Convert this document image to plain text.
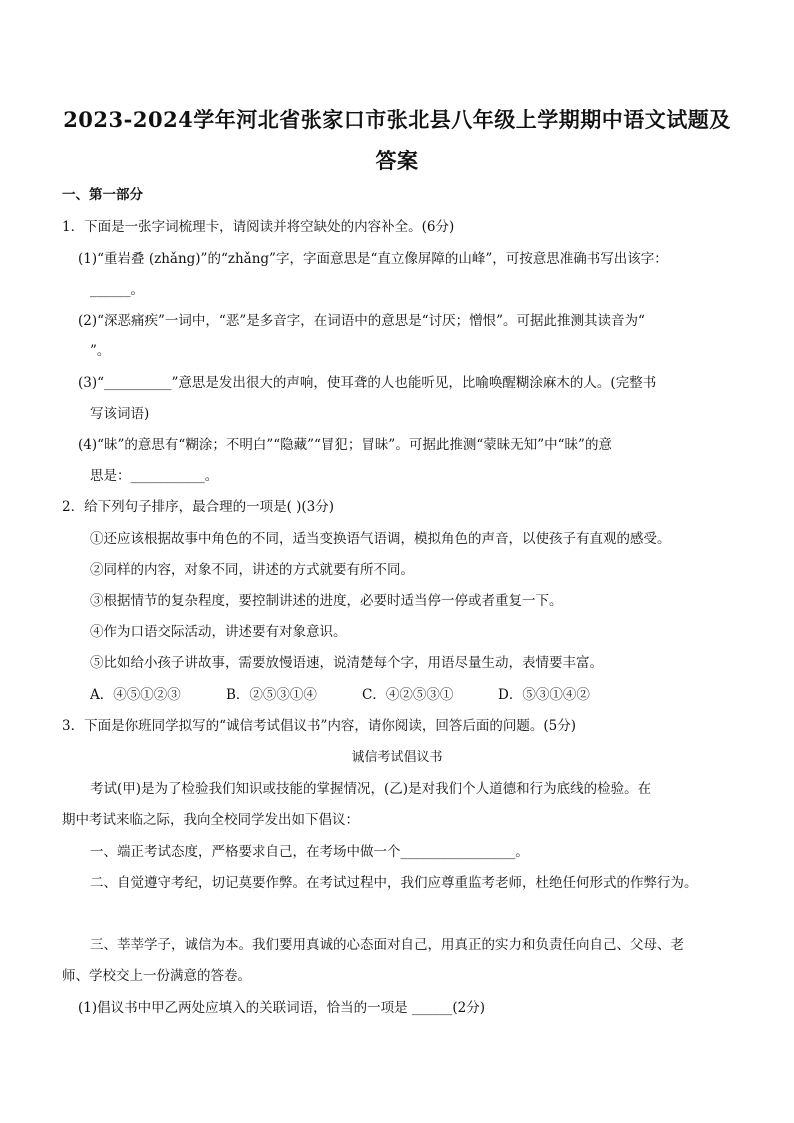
2023-2024学年河北省张家口市张北县八年级上学期期中语文试题及
答案
一、第一部分
1．下面是一张字词梳理卡，请阅读并将空缺处的内容补全。(6分)
(1)“重岩叠 (zhǎng)”的“zhǎng”字，字面意思是“直立像屏障的山峰”，可按意思准确书写出该字：
______。
(2)“深恶痛疾”一词中，“恶”是多音字，在词语中的意思是“讨厌；憎恨”。可据此推测其读音为“
”。
(3)“__________”意思是发出很大的声响，使耳聋的人也能听见，比喻唤醒糊涂麻木的人。(完整书
写该词语)
(4)“昧”的意思有“糊涂；不明白”“隐藏”“冒犯；冒昧”。可据此推测“蒙昧无知”中“昧”的意
思是：___________。
2．给下列句子排序，最合理的一项是( )(3分)
①还应该根据故事中角色的不同，适当变换语气语调，模拟角色的声音，以使孩子有直观的感受。
②同样的内容，对象不同，讲述的方式就要有所不同。
③根据情节的复杂程度，要控制讲述的进度，必要时适当停一停或者重复一下。
④作为口语交际活动，讲述要有对象意识。
⑤比如给小孩子讲故事，需要放慢语速，说清楚每个字，用语尽量生动，表情要丰富。
A．④⑤①②③	B．②⑤③①④	C．④②⑤③①	D．⑤③①④②
3．下面是你班同学拟写的“诚信考试倡议书”内容，请你阅读，回答后面的问题。(5分)
诚信考试倡议书
考试(甲)是为了检验我们知识或技能的掌握情况，(乙)是对我们个人道德和行为底线的检验。在
期中考试来临之际，我向全校同学发出如下倡议：
一、端正考试态度，严格要求自己，在考场中做一个_________________。
二、自觉遵守考纪，切记莫要作弊。在考试过程中，我们应尊重监考老师，杜绝任何形式的作弊行为。
三、莘莘学子，诚信为本。我们要用真诚的心态面对自己，用真正的实力和负责任向自己、父母、老
师、学校交上一份满意的答卷。
(1)倡议书中甲乙两处应填入的关联词语，恰当的一项是 ______(2分)
